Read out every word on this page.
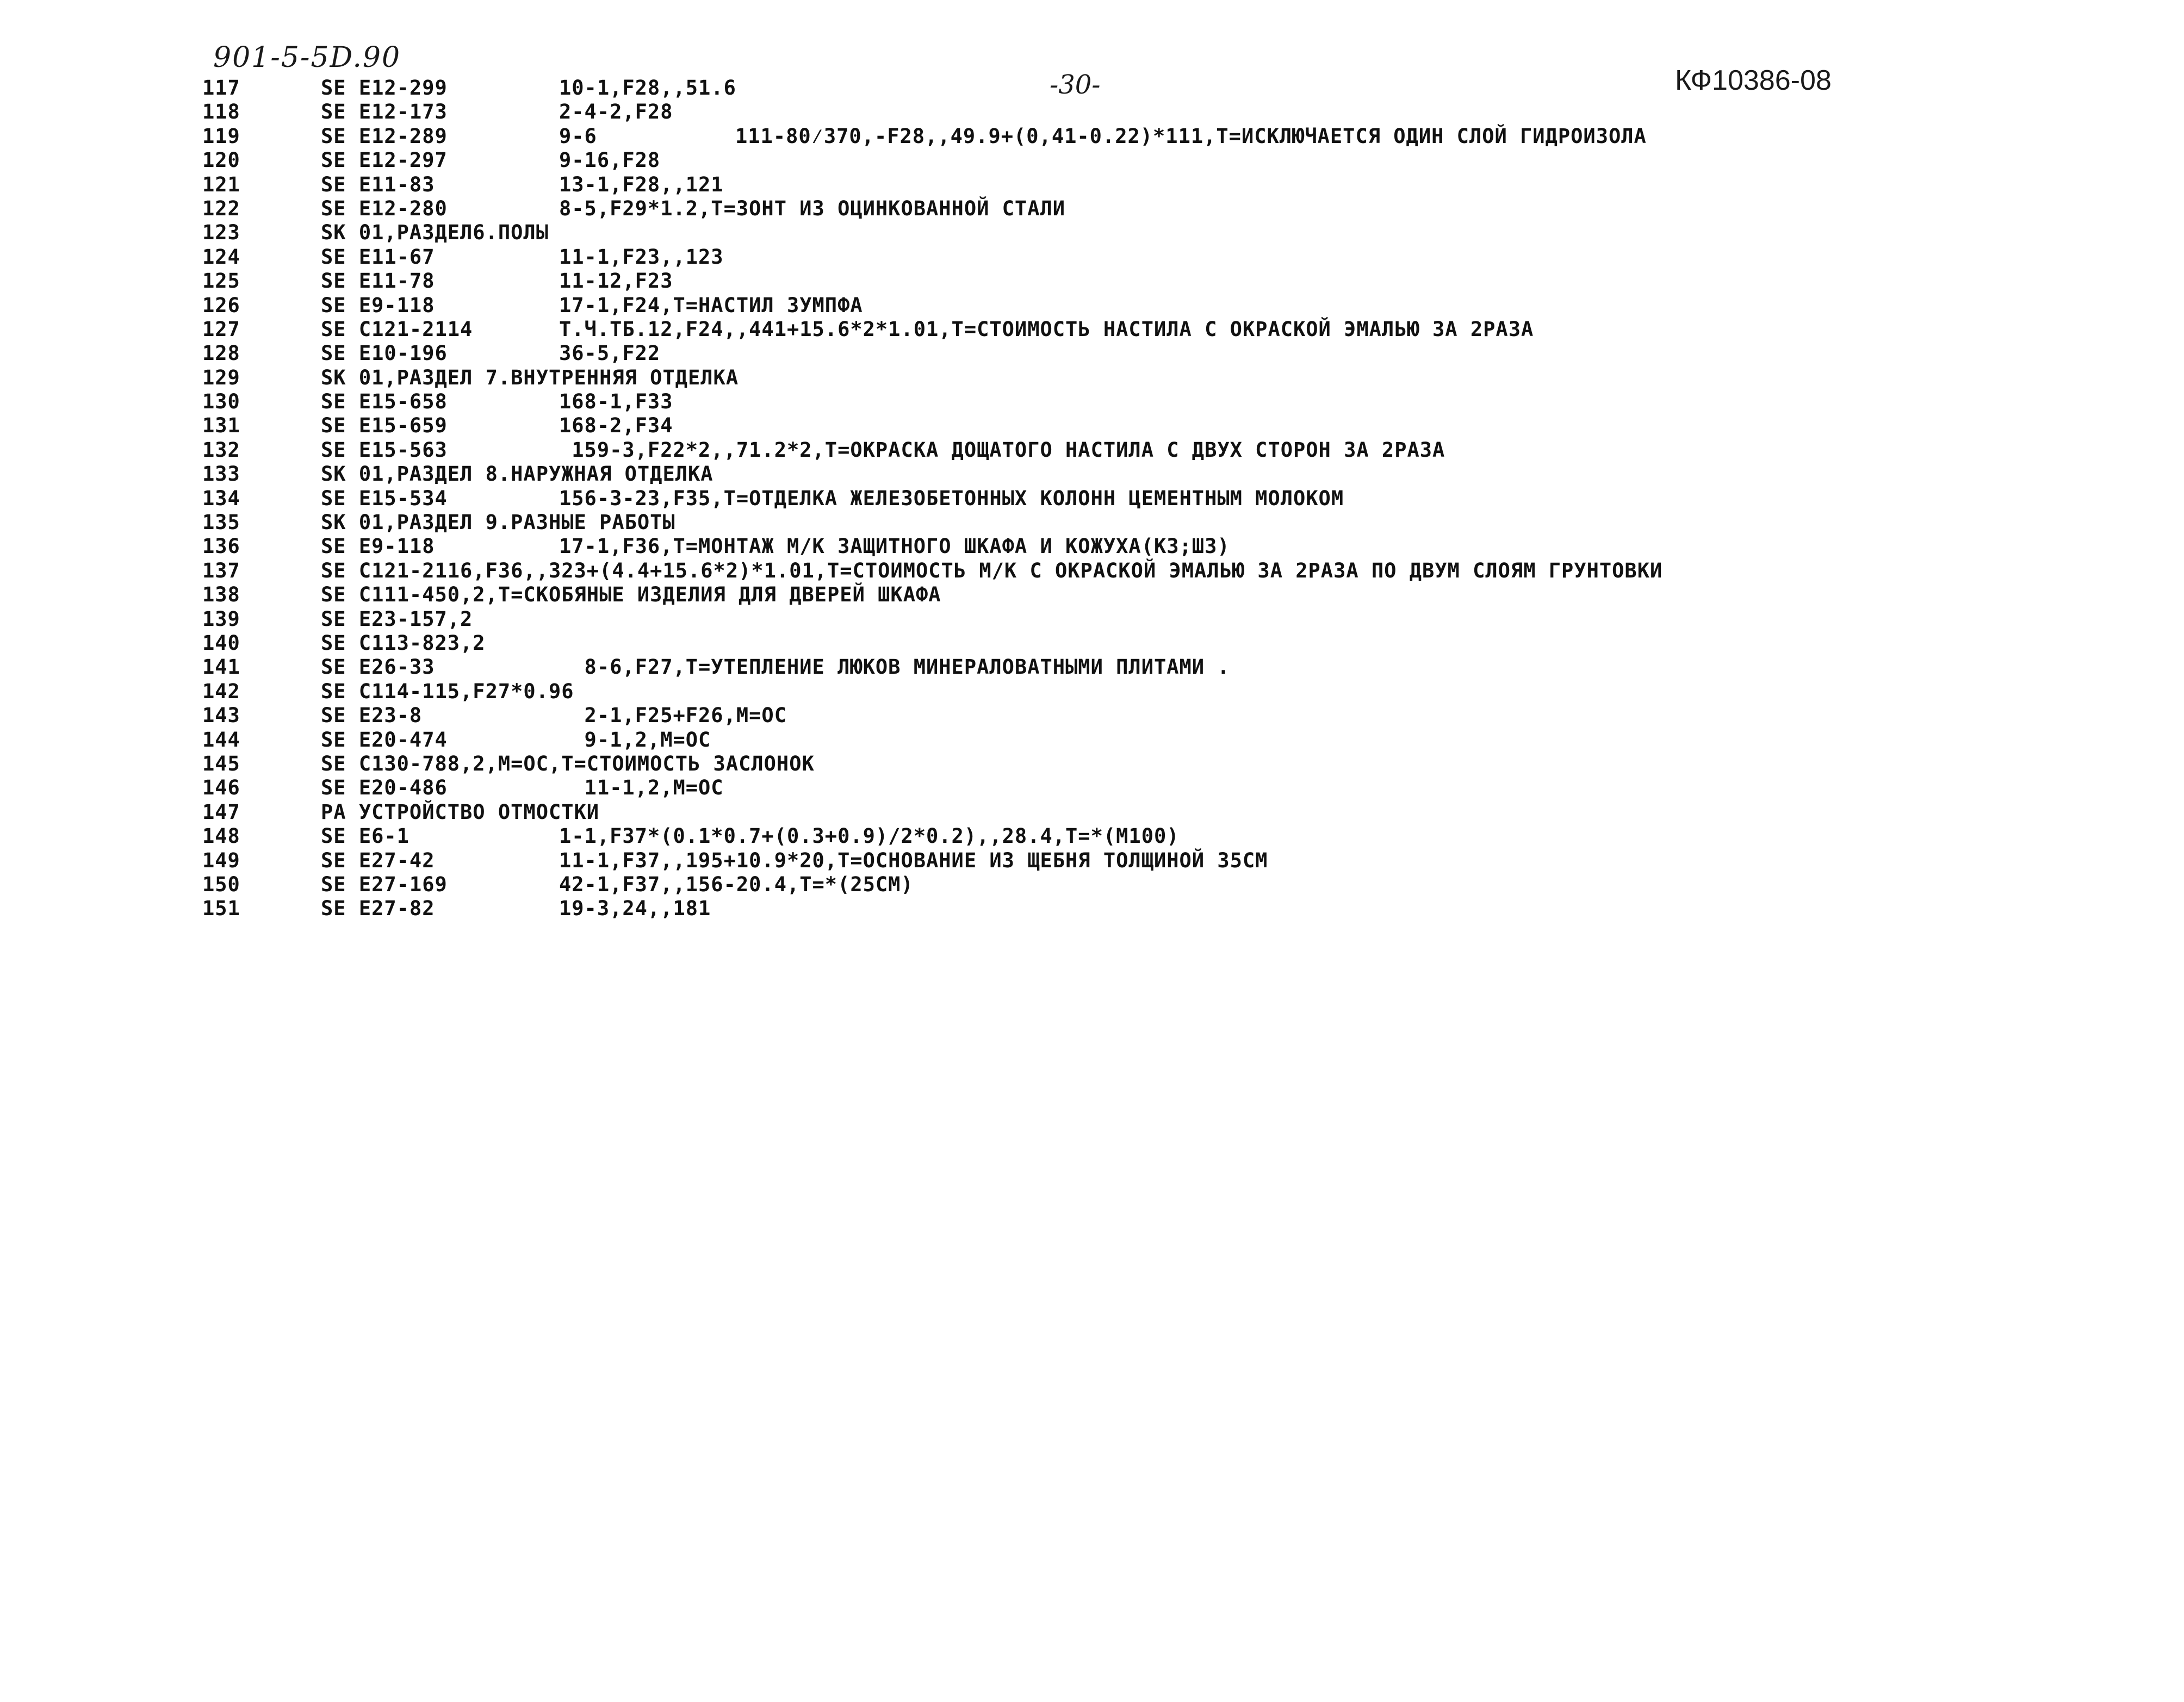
901-5-5D.90
-30-	КФ10386-08
117	SE E12-299	10-1,F28,,51.6
118	SE E12-173	2-4-2,F28
119	SE E12-289	9-6	111-80⁄370,-F28,,49.9+(0,41-0.22)*111,T=ИСКЛЮЧАЕТСЯ ОДИН СЛОЙ ГИДРОИЗОЛА
120	SE E12-297	9-16,F28
121	SE E11-83	13-1,F28,,121
122	SE E12-280	8-5,F29*1.2,T=ЗОНТ ИЗ ОЦИНКОВАННОЙ СТАЛИ
123	SK 01,РАЗДЕЛ6.ПОЛЫ
124	SE E11-67	11-1,F23,,123
125	SE E11-78	11-12,F23
126	SE E9-118	17-1,F24,T=НАСТИЛ ЗУМПФА
127	SE C121-2114	Т.Ч.ТБ.12,F24,,441+15.6*2*1.01,T=СТОИМОСТЬ НАСТИЛА С ОКРАСКОЙ ЭМАЛЬЮ ЗА 2РАЗА
128	SE E10-196	36-5,F22
129	SK 01,РАЗДЕЛ 7.ВНУТРЕННЯЯ ОТДЕЛКА
130	SE E15-658	168-1,F33
131	SE E15-659	168-2,F34
132	SE E15-563	159-3,F22*2,,71.2*2,T=ОКРАСКА ДОЩАТОГО НАСТИЛА С ДВУХ СТОРОН ЗА 2РАЗА
133	SK 01,РАЗДЕЛ 8.НАРУЖНАЯ ОТДЕЛКА
134	SE E15-534	156-3-23,F35,T=ОТДЕЛКА ЖЕЛЕЗОБЕТОННЫХ КОЛОНН ЦЕМЕНТНЫМ МОЛОКОМ
135	SK 01,РАЗДЕЛ 9.РАЗНЫЕ РАБОТЫ
136	SE E9-118	17-1,F36,T=МОНТАЖ М/К ЗАЩИТНОГО ШКАФА И КОЖУХА(КЗ;ШЗ)
137	SE C121-2116,F36,,323+(4.4+15.6*2)*1.01,T=СТОИМОСТЬ М/К С ОКРАСКОЙ ЭМАЛЬЮ ЗА 2РАЗА ПО ДВУМ СЛОЯМ ГРУНТОВКИ
138	SE C111-450,2,T=СКОБЯНЫЕ ИЗДЕЛИЯ ДЛЯ ДВЕРЕЙ ШКАФА
139	SE E23-157,2
140	SE C113-823,2
141	SE E26-33	8-6,F27,T=УТЕПЛЕНИЕ ЛЮКОВ МИНЕРАЛОВАТНЫМИ ПЛИТАМИ .
142	SE C114-115,F27*0.96
143	SE E23-8	2-1,F25+F26,M=OC
144	SE E20-474	9-1,2,M=OC
145	SE C130-788,2,M=OC,T=СТОИМОСТЬ ЗАСЛОНОК
146	SE E20-486	11-1,2,M=OC
147	PA УСТРОЙСТВО ОТМОСТКИ
148	SE E6-1	1-1,F37*(0.1*0.7+(0.3+0.9)/2*0.2),,28.4,T=*(M100)
149	SE E27-42	11-1,F37,,195+10.9*20,T=ОСНОВАНИЕ ИЗ ЩЕБНЯ ТОЛЩИНОЙ 35СМ
150	SE E27-169	42-1,F37,,156-20.4,T=*(25СМ)
151	SE E27-82	19-3,24,,181
